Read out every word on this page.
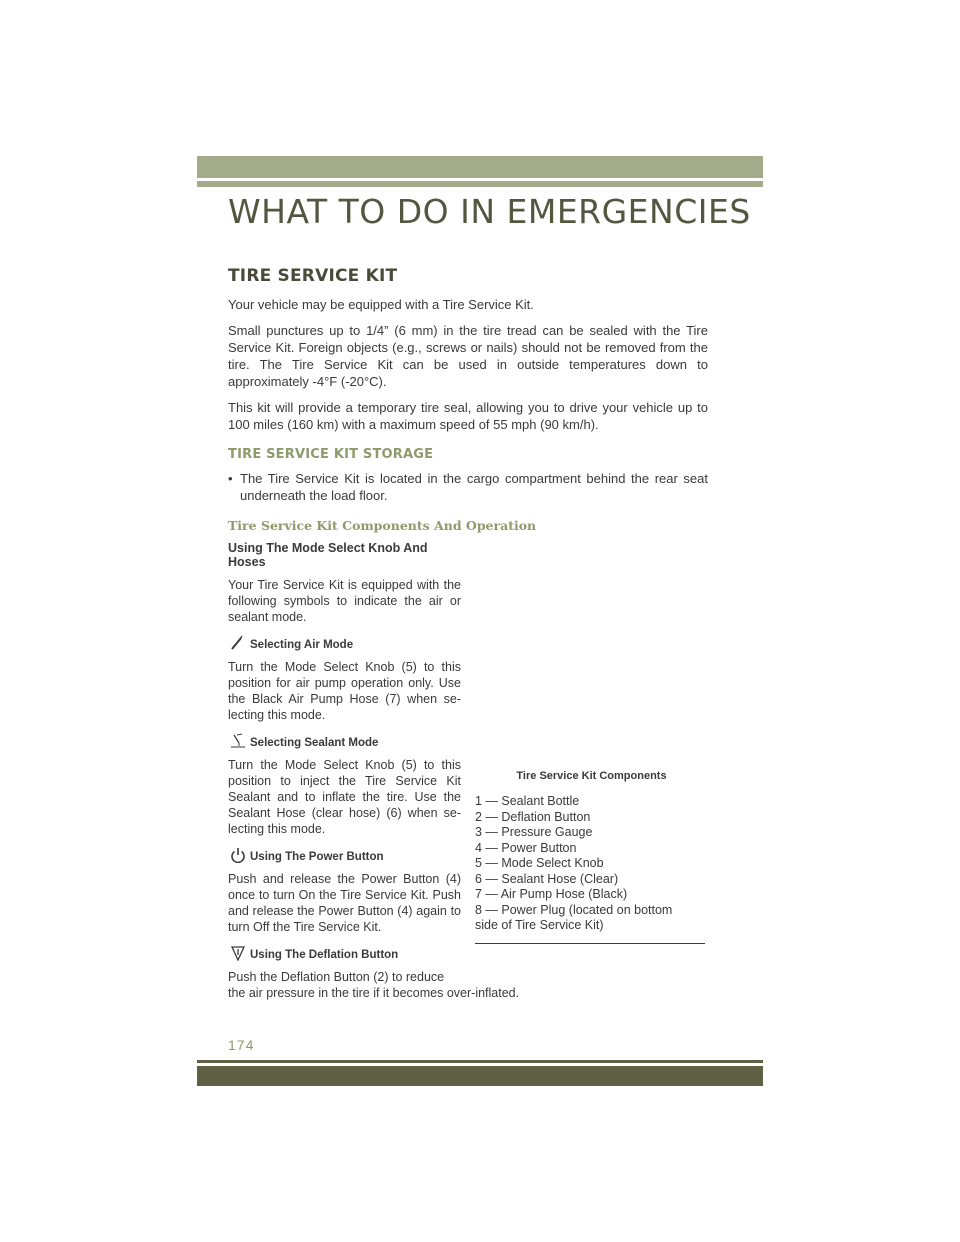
WHAT TO DO IN EMERGENCIES
TIRE SERVICE KIT

Your vehicle may be equipped with a Tire Service Kit.

Small punctures up to 1/4” (6 mm) in the tire tread can be sealed with the Tire Service Kit. Foreign objects (e.g., screws or nails) should not be removed from the tire. The Tire Service Kit can be used in outside temperatures down to approximately -4°F (-20°C).

This kit will provide a temporary tire seal, allowing you to drive your vehicle up to 100 miles (160 km) with a maximum speed of 55 mph (90 km/h).

TIRE SERVICE KIT STORAGE
• The Tire Service Kit is located in the cargo compartment behind the rear seat underneath the load floor.
Tire Service Kit Components And Operation
Using The Mode Select Knob And Hoses

Your Tire Service Kit is equipped with the following symbols to indicate the air or sealant mode.

Selecting Air Mode

Turn the Mode Select Knob (5) to this position for air pump operation only. Use the Black Air Pump Hose (7) when se-lecting this mode.

Selecting Sealant Mode

Turn the Mode Select Knob (5) to this position to inject the Tire Service Kit Sealant and to inflate the tire. Use the Sealant Hose (clear hose) (6) when se-lecting this mode.

Using The Power Button

Push and release the Power Button (4) once to turn On the Tire Service Kit. Push and release the Power Button (4) again to turn Off the Tire Service Kit.

Using The Deflation Button

Push the Deflation Button (2) to reduce

the air pressure in the tire if it becomes over-inflated.

Tire Service Kit Components
1 — Sealant Bottle
2 — Deflation Button
3 — Pressure Gauge
4 — Power Button
5 — Mode Select Knob
6 — Sealant Hose (Clear)
7 — Air Pump Hose (Black)
8 — Power Plug (located on bottom
side of Tire Service Kit)
174
